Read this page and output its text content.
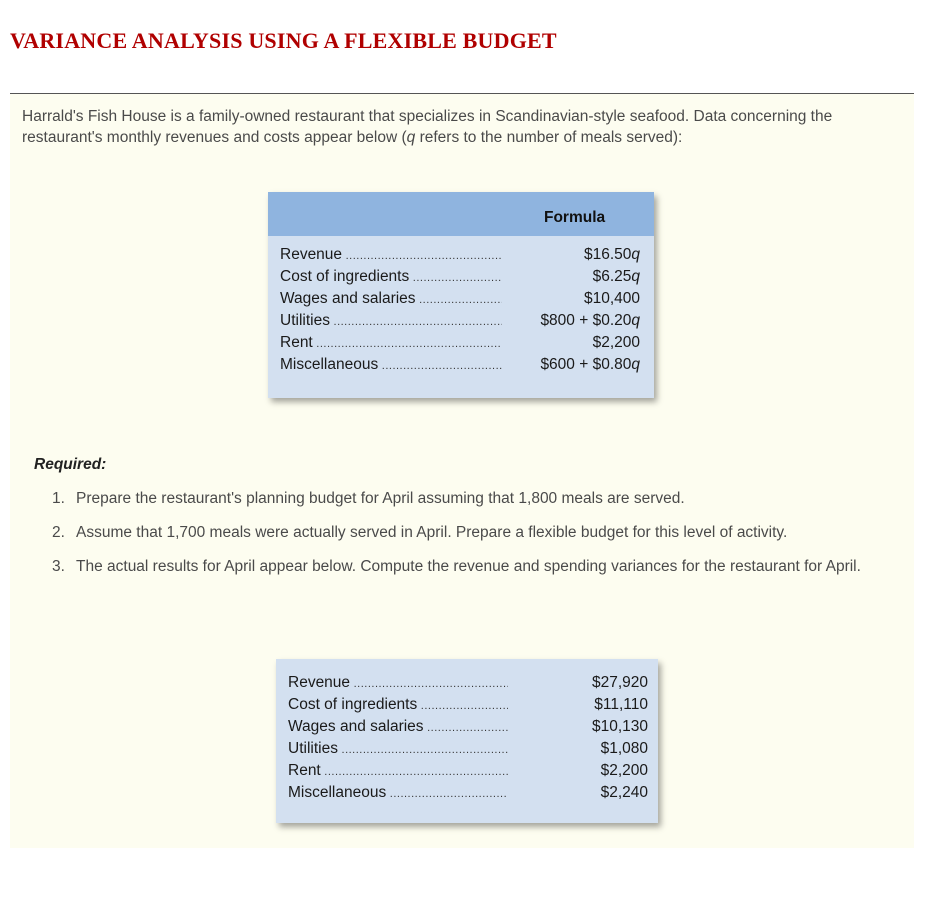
VARIANCE ANALYSIS USING A FLEXIBLE BUDGET

Harrald's Fish House is a family-owned restaurant that specializes in Scandinavian-style seafood. Data concerning the restaurant's monthly revenues and costs appear below (q refers to the number of meals served):

Formula
Revenue .....	$16.50q
Cost of ingredients .....	$6.25q
Wages and salaries .....	$10,400
Utilities .....	$800 + $0.20q
Rent .....	$2,200
Miscellaneous .....	$600 + $0.80q
Required:
1. Prepare the restaurant's planning budget for April assuming that 1,800 meals are served.
2. Assume that 1,700 meals were actually served in April. Prepare a flexible budget for this level of activity.
3. The actual results for April appear below. Compute the revenue and spending variances for the restaurant for April.
Revenue .....	$27,920
Cost of ingredients .....	$11,110
Wages and salaries .....	$10,130
Utilities .....	$1,080
Rent .....	$2,200
Miscellaneous .....	$2,240
